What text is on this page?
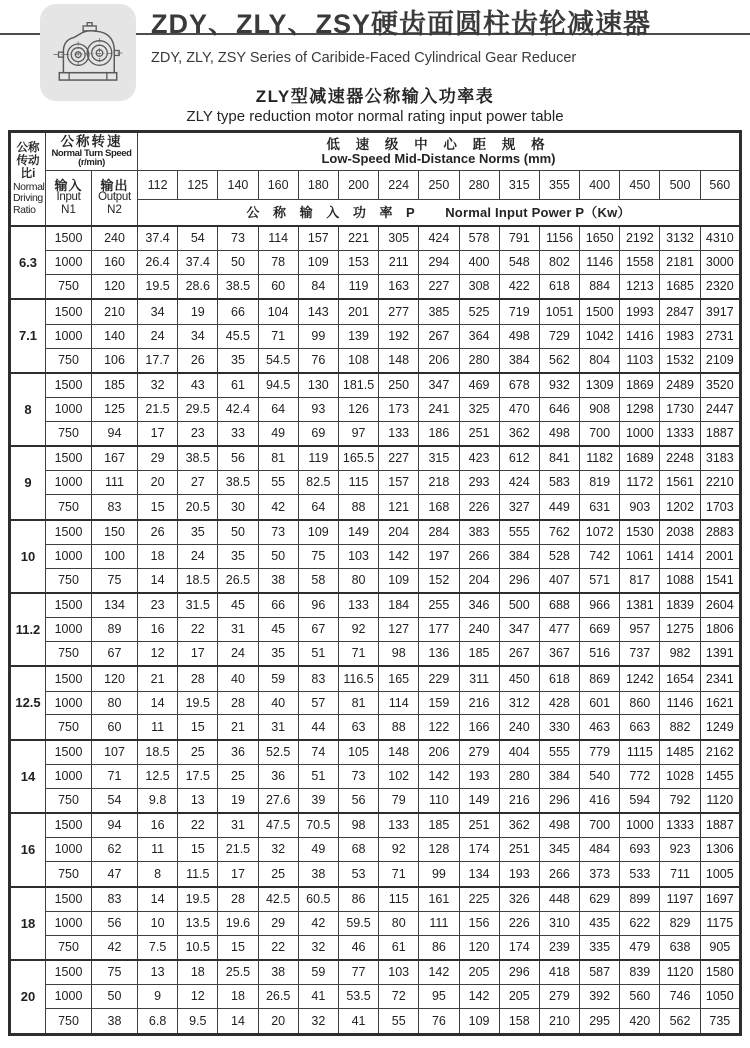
ZDY、ZLY、ZSY硬齿面圆柱齿轮减速器
ZDY, ZLY, ZSY Series of Caribide-Faced Cylindrical Gear Reducer
ZLY型减速器公称输入功率表
ZLY type reduction motor normal rating input power table
公称传动比i
Normal Driving Ratio	公称转速
Normal Turn Speed (r/min)		低 速 级 中 心 距 规 格
Low-Speed Mid-Distance Norms (mm)														

	输入
Input
N1	输出
Output
N2	112	125	140	160	180	200	224	250	280	315	355	400	450	500	560
			公 称 输 入 功 率 P Normal Input Power P（Kw）														
6.3	1500	240	37.4	54	73	114	157	221	305	424	578	791	1156	1650	2192	3132	4310
	1000	160	26.4	37.4	50	78	109	153	211	294	400	548	802	1146	1558	2181	3000
	750	120	19.5	28.6	38.5	60	84	119	163	227	308	422	618	884	1213	1685	2320
7.1	1500	210	34	19	66	104	143	201	277	385	525	719	1051	1500	1993	2847	3917
	1000	140	24	34	45.5	71	99	139	192	267	364	498	729	1042	1416	1983	2731
	750	106	17.7	26	35	54.5	76	108	148	206	280	384	562	804	1103	1532	2109
8	1500	185	32	43	61	94.5	130	181.5	250	347	469	678	932	1309	1869	2489	3520
	1000	125	21.5	29.5	42.4	64	93	126	173	241	325	470	646	908	1298	1730	2447
	750	94	17	23	33	49	69	97	133	186	251	362	498	700	1000	1333	1887
9	1500	167	29	38.5	56	81	119	165.5	227	315	423	612	841	1182	1689	2248	3183
	1000	111	20	27	38.5	55	82.5	115	157	218	293	424	583	819	1172	1561	2210
	750	83	15	20.5	30	42	64	88	121	168	226	327	449	631	903	1202	1703
10	1500	150	26	35	50	73	109	149	204	284	383	555	762	1072	1530	2038	2883
	1000	100	18	24	35	50	75	103	142	197	266	384	528	742	1061	1414	2001
	750	75	14	18.5	26.5	38	58	80	109	152	204	296	407	571	817	1088	1541
11.2	1500	134	23	31.5	45	66	96	133	184	255	346	500	688	966	1381	1839	2604
	1000	89	16	22	31	45	67	92	127	177	240	347	477	669	957	1275	1806
	750	67	12	17	24	35	51	71	98	136	185	267	367	516	737	982	1391
12.5	1500	120	21	28	40	59	83	116.5	165	229	311	450	618	869	1242	1654	2341
	1000	80	14	19.5	28	40	57	81	114	159	216	312	428	601	860	1146	1621
	750	60	11	15	21	31	44	63	88	122	166	240	330	463	663	882	1249
14	1500	107	18.5	25	36	52.5	74	105	148	206	279	404	555	779	1115	1485	2162
	1000	71	12.5	17.5	25	36	51	73	102	142	193	280	384	540	772	1028	1455
	750	54	9.8	13	19	27.6	39	56	79	110	149	216	296	416	594	792	1120
16	1500	94	16	22	31	47.5	70.5	98	133	185	251	362	498	700	1000	1333	1887
	1000	62	11	15	21.5	32	49	68	92	128	174	251	345	484	693	923	1306
	750	47	8	11.5	17	25	38	53	71	99	134	193	266	373	533	711	1005
18	1500	83	14	19.5	28	42.5	60.5	86	115	161	225	326	448	629	899	1197	1697
	1000	56	10	13.5	19.6	29	42	59.5	80	111	156	226	310	435	622	829	1175
	750	42	7.5	10.5	15	22	32	46	61	86	120	174	239	335	479	638	905
20	1500	75	13	18	25.5	38	59	77	103	142	205	296	418	587	839	1120	1580
	1000	50	9	12	18	26.5	41	53.5	72	95	142	205	279	392	560	746	1050
	750	38	6.8	9.5	14	20	32	41	55	76	109	158	210	295	420	562	735
